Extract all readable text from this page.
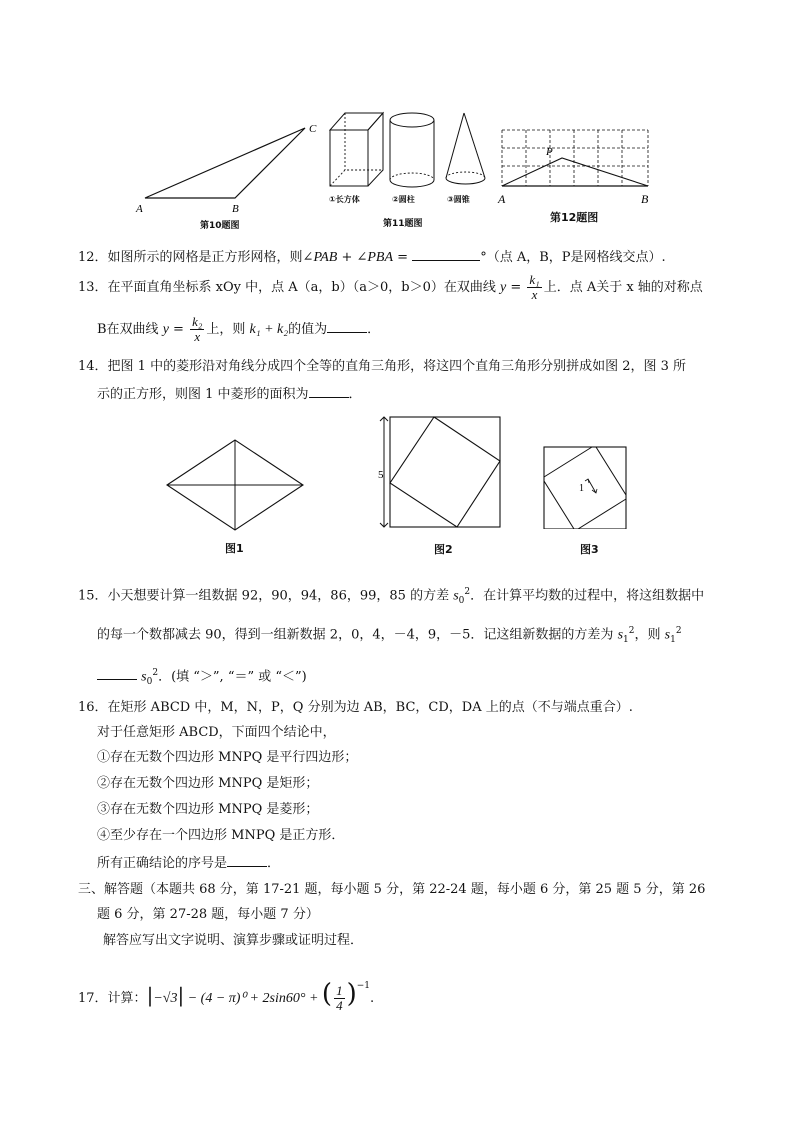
A	B
C
第10题图
①长方体	②圆柱	③圆锥
第11题图
P
A	B
第12题图
12．如图所示的网格是正方形网格，则∠PAB + ∠PBA =	°（点 A，B，P是网格线交点）.
13．在平面直角坐标系 xOy 中，点 A（a，b）（a＞0，b＞0）在双曲线 $y = \frac{\text{k₁}}{x}$ 上．点 A关于 x 轴的对称点
B在双曲线 $y = \frac{\text{k₂}}{x}$ 上，则 k₁ + k₂的值为	．
14．把图 1 中的菱形沿对角线分成四个全等的直角三角形，将这四个直角三角形分别拼成如图 2，图 3 所
示的正方形，则图 1 中菱形的面积为	．
图1
5
图2
1
图3
15．小天想要计算一组数据 92，90，94，86，99，85 的方差 $s_0^2$．在计算平均数的过程中，将这组数据中
的每一个数都减去 90，得到一组新数据 2，0，4，－4，9，－5．记这组新数据的方差为 $s_1^2$，则 $s_1^2$
$s_0^2$．(填 “＞”, “＝” 或 “＜”)
16．在矩形 ABCD 中，M，N，P，Q 分别为边 AB，BC，CD，DA 上的点（不与端点重合）.
对于任意矩形 ABCD，下面四个结论中，
①存在无数个四边形 MNPQ 是平行四边形；
②存在无数个四边形 MNPQ 是矩形；
③存在无数个四边形 MNPQ 是菱形；
④至少存在一个四边形 MNPQ 是正方形．
所有正确结论的序号是	．
三、解答题（本题共 68 分，第 17-21 题，每小题 5 分，第 22-24 题，每小题 6 分，第 25 题 5 分，第 26
题 6 分，第 27-28 题，每小题 7 分）
解答应写出文字说明、演算步骤或证明过程．
17．计算：|−√3| − (4 − π)⁰ + 2sin60° + ( $\frac{1}{4} )^{-1}$.
